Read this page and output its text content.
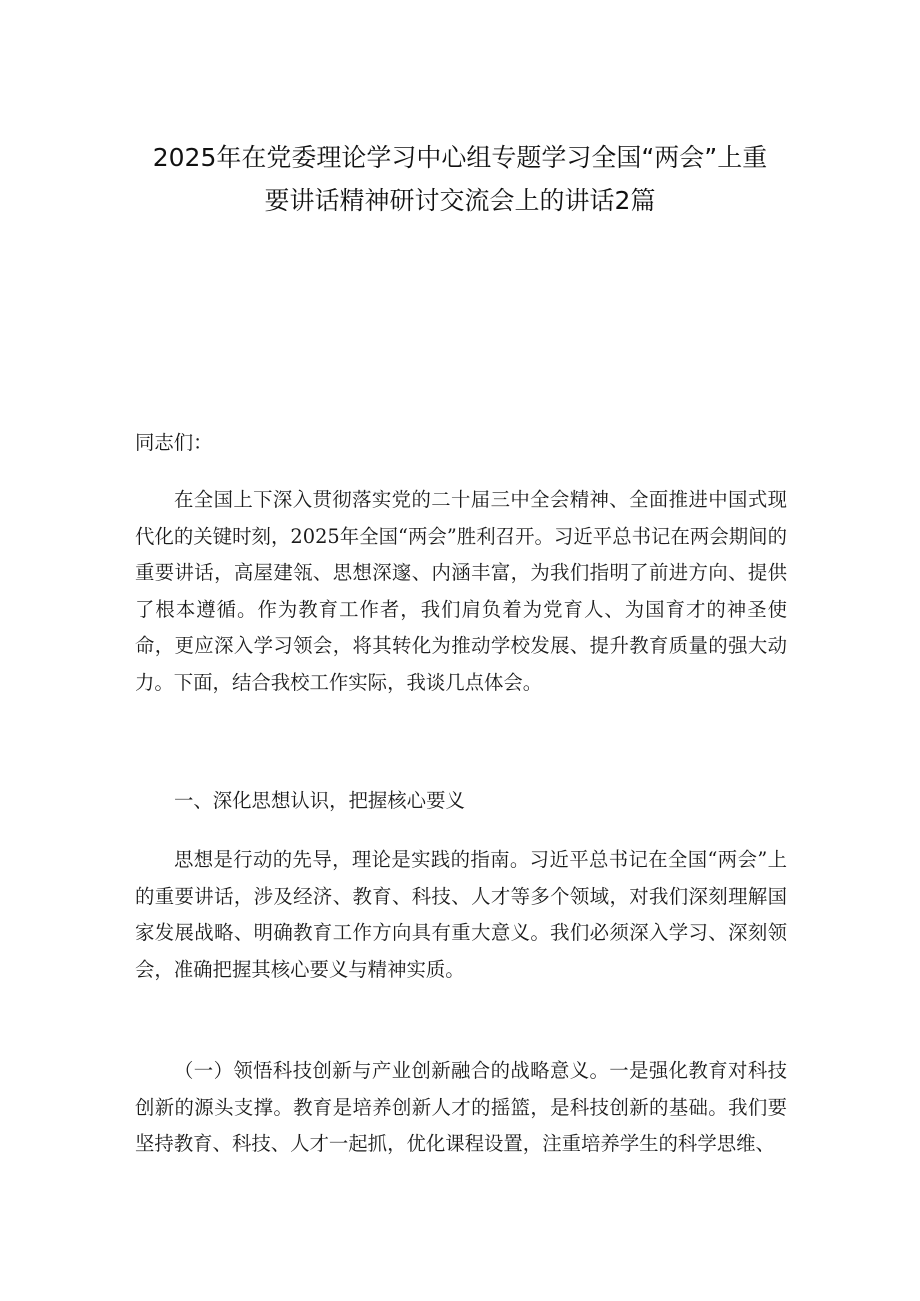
2025年在党委理论学习中心组专题学习全国“两会”上重
要讲话精神研讨交流会上的讲话2篇

同志们：

在全国上下深入贯彻落实党的二十届三中全会精神、全面推进中国式现代化的关键时刻，2025年全国“两会”胜利召开。习近平总书记在两会期间的重要讲话，高屋建瓴、思想深邃、内涵丰富，为我们指明了前进方向、提供了根本遵循。作为教育工作者，我们肩负着为党育人、为国育才的神圣使命，更应深入学习领会，将其转化为推动学校发展、提升教育质量的强大动力。下面，结合我校工作实际，我谈几点体会。

一、深化思想认识，把握核心要义

思想是行动的先导，理论是实践的指南。习近平总书记在全国“两会”上的重要讲话，涉及经济、教育、科技、人才等多个领域，对我们深刻理解国家发展战略、明确教育工作方向具有重大意义。我们必须深入学习、深刻领会，准确把握其核心要义与精神实质。

（一）领悟科技创新与产业创新融合的战略意义。一是强化教育对科技创新的源头支撑。教育是培养创新人才的摇篮，是科技创新的基础。我们要坚持教育、科技、人才一起抓，优化课程设置，注重培养学生的科学思维、
